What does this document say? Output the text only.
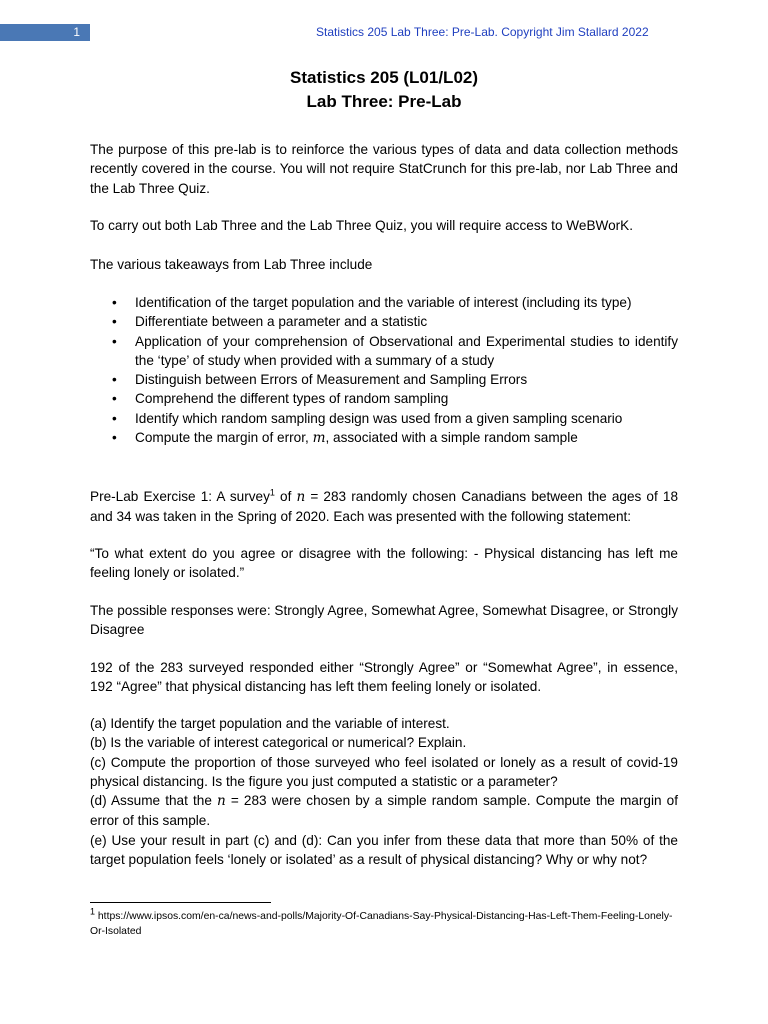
1	Statistics 205 Lab Three: Pre-Lab. Copyright Jim Stallard 2022
Statistics 205 (L01/L02)
Lab Three: Pre-Lab
The purpose of this pre-lab is to reinforce the various types of data and data collection methods recently covered in the course. You will not require StatCrunch for this pre-lab, nor Lab Three and the Lab Three Quiz.
To carry out both Lab Three and the Lab Three Quiz, you will require access to WeBWorK.
The various takeaways from Lab Three include
• Identification of the target population and the variable of interest (including its type)
• Differentiate between a parameter and a statistic
• Application of your comprehension of Observational and Experimental studies to identify the ‘type’ of study when provided with a summary of a study
• Distinguish between Errors of Measurement and Sampling Errors
• Comprehend the different types of random sampling
• Identify which random sampling design was used from a given sampling scenario
• Compute the margin of error, m, associated with a simple random sample
Pre-Lab Exercise 1: A survey$^1$ of n = 283 randomly chosen Canadians between the ages of 18 and 34 was taken in the Spring of 2020. Each was presented with the following statement:
“To what extent do you agree or disagree with the following: - Physical distancing has left me feeling lonely or isolated.”
The possible responses were: Strongly Agree, Somewhat Agree, Somewhat Disagree, or Strongly Disagree
192 of the 283 surveyed responded either “Strongly Agree” or “Somewhat Agree”, in essence, 192 “Agree” that physical distancing has left them feeling lonely or isolated.
(a) Identify the target population and the variable of interest.
(b) Is the variable of interest categorical or numerical? Explain.
(c) Compute the proportion of those surveyed who feel isolated or lonely as a result of covid-19 physical distancing. Is the figure you just computed a statistic or a parameter?
(d) Assume that the n = 283 were chosen by a simple random sample. Compute the margin of error of this sample.
(e) Use your result in part (c) and (d): Can you infer from these data that more than 50% of the target population feels ‘lonely or isolated’ as a result of physical distancing? Why or why not?
$^1$ https://www.ipsos.com/en-ca/news-and-polls/Majority-Of-Canadians-Say-Physical-Distancing-Has-Left-Them-Feeling-Lonely-Or-Isolated
